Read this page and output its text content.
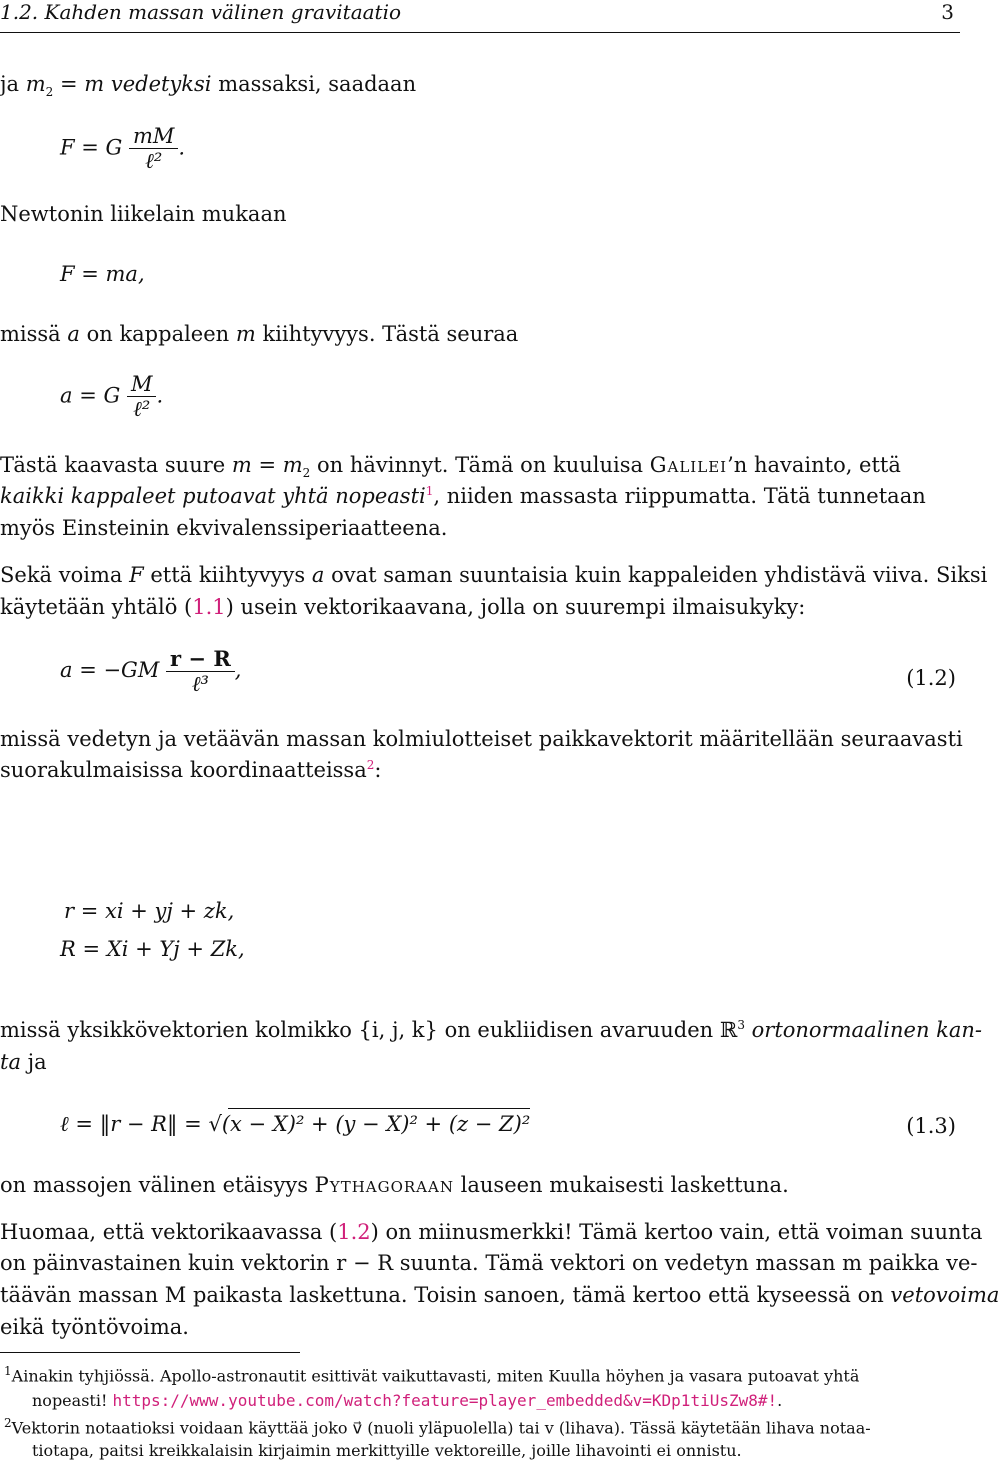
1.2. Kahden massan välinen gravitaatio	3
ja $m_2 = m$ vedetyksi massaksi, saadaan
F = G $\frac{mM}{\text{ℓ²}}$ .
Newtonin liikelain mukaan
F = ma,
missä a on kappaleen m kiihtyvyys. Tästä seuraa
a = G $\frac{M}{\text{ℓ²}}$ .
Tästä kaavasta suure $m = m_2$ on hävinnyt. Tämä on kuuluisa Galilei’n havainto, että
kaikki kappaleet putoavat yhtä nopeasti$^1$, niiden massasta riippumatta. Tätä tunnetaan
myös Einsteinin ekvivalenssiperiaatteena.
Sekä voima F että kiihtyvyys a ovat saman suuntaisia kuin kappaleiden yhdistävä viiva. Siksi
käytetään yhtälö (1.1) usein vektorikaavana, jolla on suurempi ilmaisukyky:
$a = -GM \frac{r - R}{\text{ℓ³}}$ ,	(1.2)
missä vedetyn ja vetäävän massan kolmiulotteiset paikkavektorit määritellään seuraavasti
suorakulmaisissa koordinaatteissa$^2$:
r = xi + yj + zk,
R = Xi + Yj + Zk,
missä yksikkövektorien kolmikko {i, j, k} on eukliidisen avaruuden ℝ$^3$ ortonormaalinen kan-
ta ja
ℓ = ‖r − R‖ = √
(x − X)² + (y − X)² + (z − Z)²	(1.3)
on massojen välinen etäisyys Pythagoraan lauseen mukaisesti laskettuna.
Huomaa, että vektorikaavassa (1.2) on miinusmerkki! Tämä kertoo vain, että voiman suunta
on päinvastainen kuin vektorin r − R suunta. Tämä vektori on vedetyn massan m paikka ve-
täävän massan M paikasta laskettuna. Toisin sanoen, tämä kertoo että kyseessä on vetovoima
eikä työntövoima.
$^1$Ainakin tyhjiössä. Apollo-astronautit esittivät vaikuttavasti, miten Kuulla höyhen ja vasara putoavat yhtä
nopeasti! https://www.youtube.com/watch?feature=player_embedded&v=KDp1tiUsZw8#!.
$^2$Vektorin notaatioksi voidaan käyttää joko v⃗ (nuoli yläpuolella) tai v (lihava). Tässä käytetään lihava notaa-
tiotapa, paitsi kreikkalaisin kirjaimin merkittyille vektoreille, joille lihavointi ei onnistu.
